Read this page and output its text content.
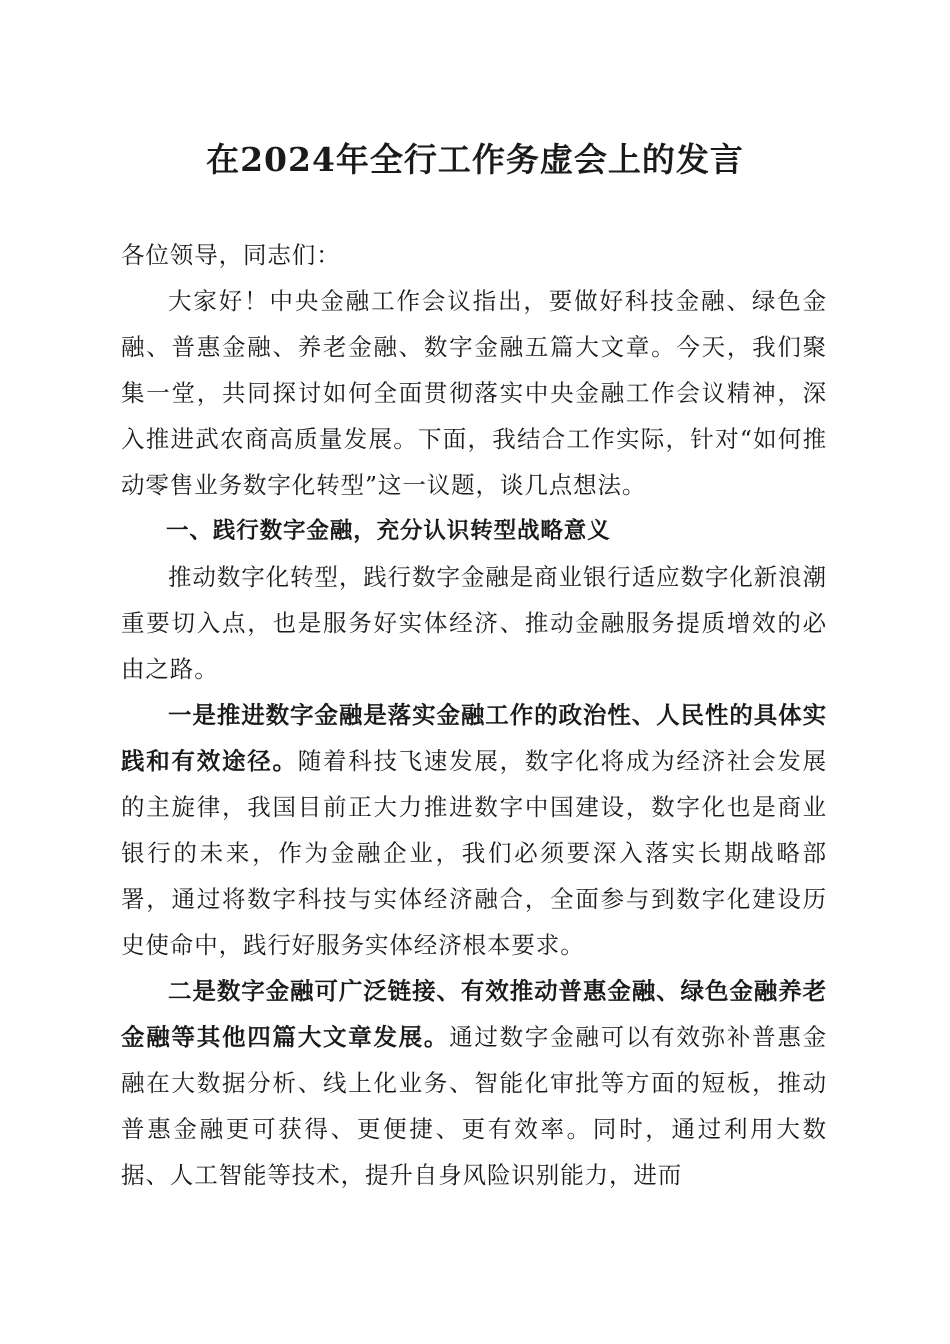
在2024年全行工作务虚会上的发言

各位领导，同志们：

大家好！中央金融工作会议指出，要做好科技金融、绿色金融、普惠金融、养老金融、数字金融五篇大文章。今天，我们聚集一堂，共同探讨如何全面贯彻落实中央金融工作会议精神，深入推进武农商高质量发展。下面，我结合工作实际，针对“如何推动零售业务数字化转型”这一议题，谈几点想法。

一、践行数字金融，充分认识转型战略意义

推动数字化转型，践行数字金融是商业银行适应数字化新浪潮重要切入点，也是服务好实体经济、推动金融服务提质增效的必由之路。

一是推进数字金融是落实金融工作的政治性、人民性的具体实践和有效途径。随着科技飞速发展，数字化将成为经济社会发展的主旋律，我国目前正大力推进数字中国建设，数字化也是商业银行的未来，作为金融企业，我们必须要深入落实长期战略部署，通过将数字科技与实体经济融合，全面参与到数字化建设历史使命中，践行好服务实体经济根本要求。

二是数字金融可广泛链接、有效推动普惠金融、绿色金融养老金融等其他四篇大文章发展。通过数字金融可以有效弥补普惠金融在大数据分析、线上化业务、智能化审批等方面的短板，推动普惠金融更可获得、更便捷、更有效率。同时，通过利用大数据、人工智能等技术，提升自身风险识别能力，进而
